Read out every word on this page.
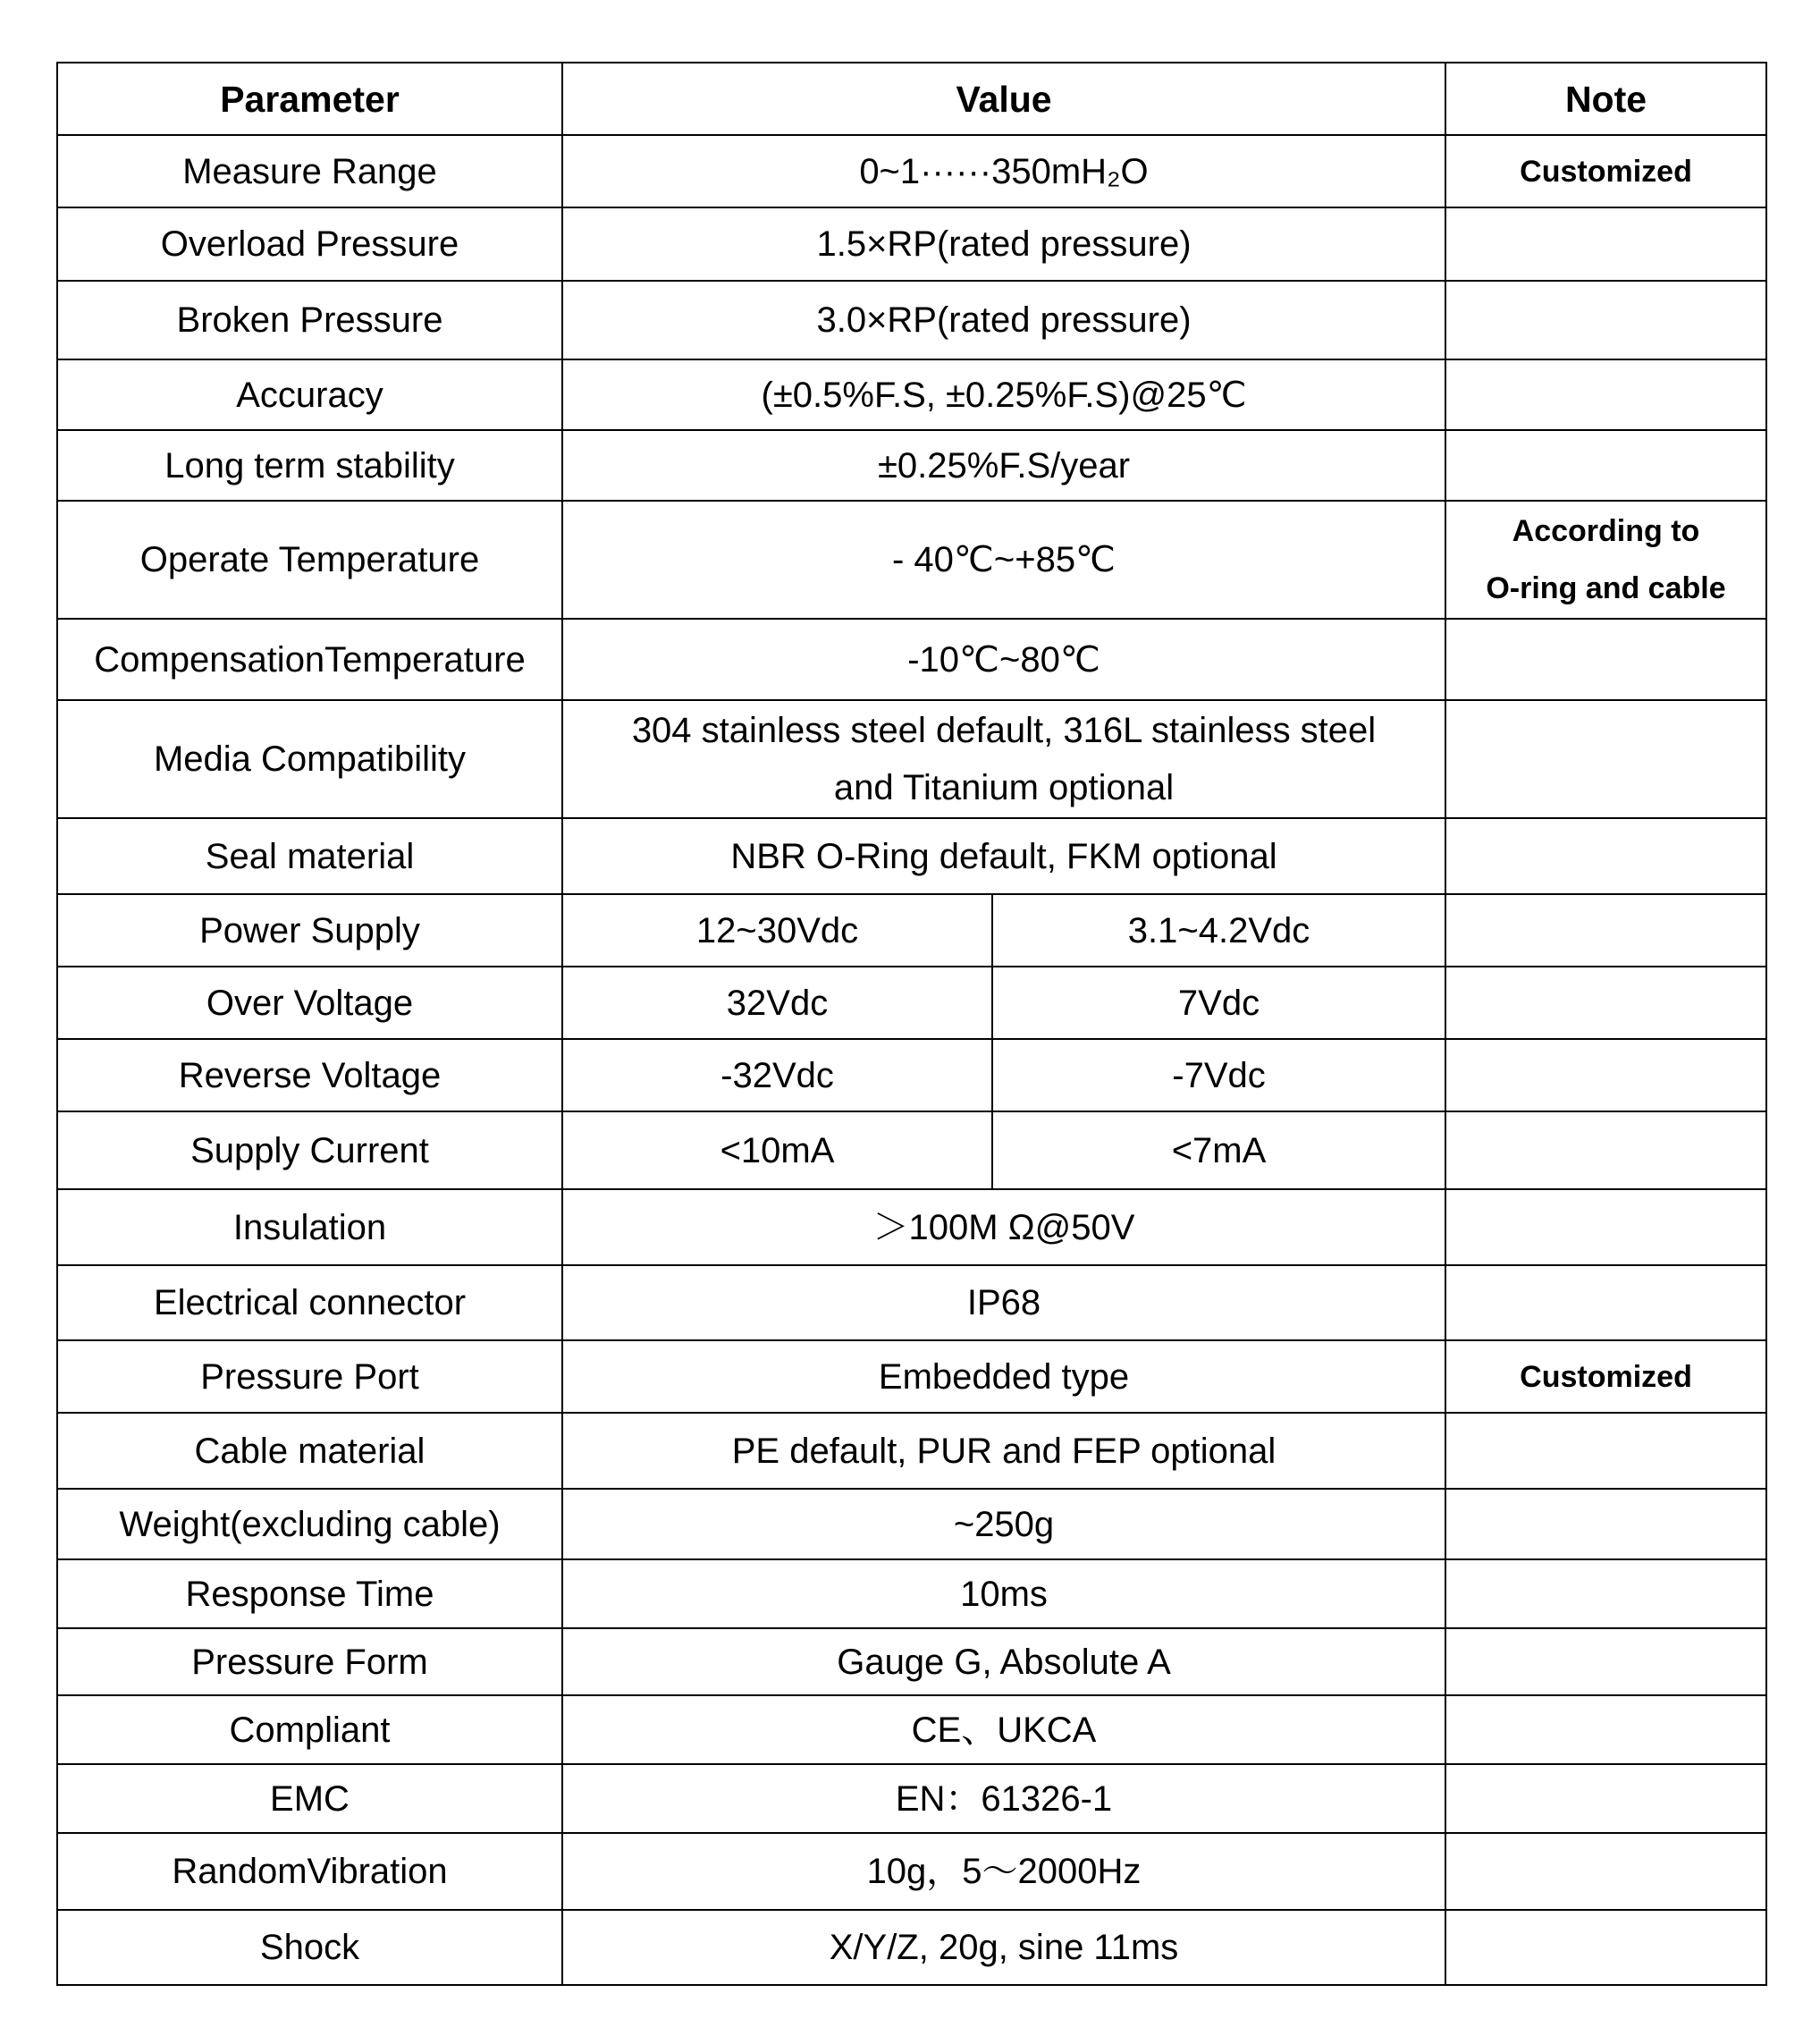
Parameter	Value		Note
Measure Range	0~1······350mH₂O		Customized
Overload Pressure	1.5×RP(rated pressure)		
Broken Pressure	3.0×RP(rated pressure)		
Accuracy	(±0.5%F.S, ±0.25%F.S)@25℃		
Long term stability	±0.25%F.S/year		
Operate Temperature	- 40℃~+85℃		According to
O-ring and cable
CompensationTemperature	-10℃~80℃		
Media Compatibility	304 stainless steel default, 316L stainless steel
and Titanium optional		
Seal material	NBR O-Ring default, FKM optional		
Power Supply	12~30Vdc	3.1~4.2Vdc	
Over Voltage	32Vdc	7Vdc	
Reverse Voltage	-32Vdc	-7Vdc	
Supply Current	<10mA	<7mA	
Insulation	＞100M Ω@50V		
Electrical connector	IP68		
Pressure Port	Embedded type		Customized
Cable material	PE default, PUR and FEP optional		
Weight(excluding cable)	~250g		
Response Time	10ms		
Pressure Form	Gauge G, Absolute A		
Compliant	CE、UKCA		
EMC	EN：61326-1		
RandomVibration	10g，5～2000Hz		
Shock	X/Y/Z, 20g, sine 11ms		
